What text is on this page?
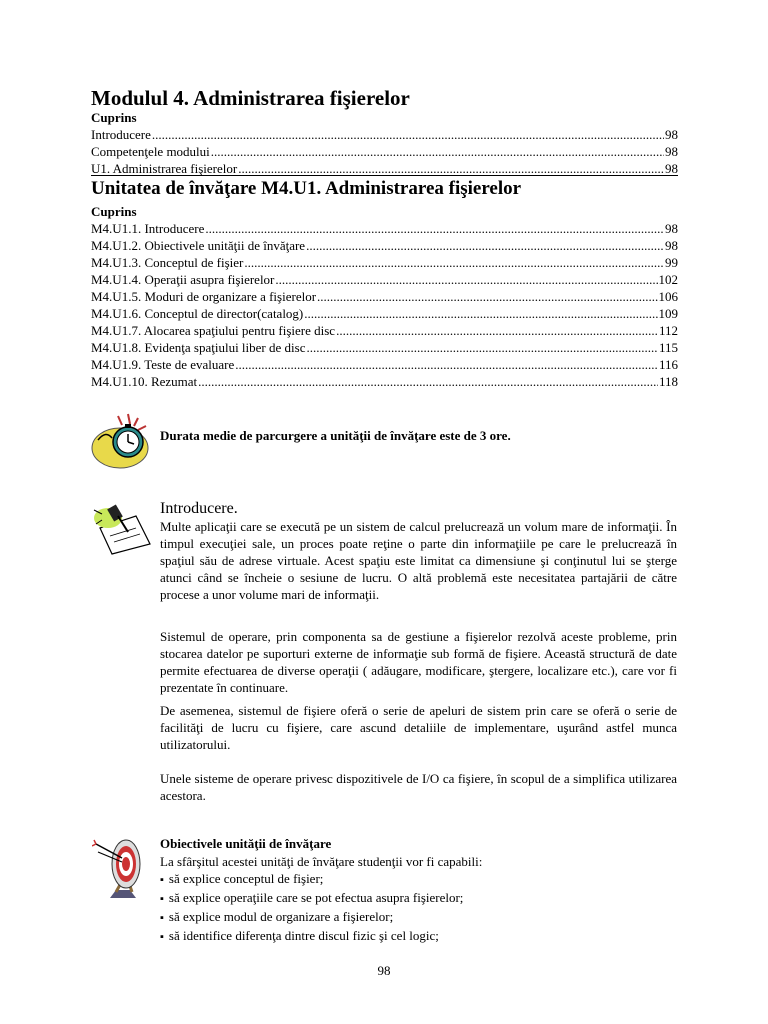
Modulul 4. Administrarea fişierelor
Cuprins
Introducere .....	98
Competenţele modului .....	98
U1. Administrarea fişierelor .....	98
Unitatea de învăţare M4.U1. Administrarea fişierelor
Cuprins
M4.U1.1. Introducere .....	98
M4.U1.2. Obiectivele unităţii de învăţare .....	98
M4.U1.3. Conceptul de fişier .....	99
M4.U1.4. Operaţii asupra fişierelor .....	102
M4.U1.5. Moduri de organizare a fişierelor .....	106
M4.U1.6. Conceptul de director(catalog) .....	109
M4.U1.7. Alocarea spaţiului pentru fişiere disc .....	112
M4.U1.8. Evidenţa spaţiului liber de disc .....	115
M4.U1.9. Teste de evaluare .....	116
M4.U1.10. Rezumat .....	118
Durata medie de parcurgere a unităţii de învăţare este de 3 ore.
Introducere.
Multe aplicaţii care se execută pe un sistem de calcul prelucrează un volum mare de informaţii. În timpul execuţiei sale, un proces poate reţine o parte din informaţiile pe care le prelucrează în spaţiul său de adrese virtuale. Acest spaţiu este limitat ca dimensiune şi conţinutul lui se şterge atunci când se încheie o sesiune de lucru. O altă problemă este necesitatea partajării de către procese a unor volume mari de informaţii.
Sistemul de operare, prin componenta sa de gestiune a fişierelor rezolvă aceste probleme, prin stocarea datelor pe suporturi externe de informaţie sub formă de fişiere. Această structură de date permite efectuarea de diverse operaţii ( adăugare, modificare, ştergere, localizare etc.), care vor fi prezentate în continuare.
De asemenea, sistemul de fişiere oferă o serie de apeluri de sistem prin care se oferă o serie de facilităţi de lucru cu fişiere, care ascund detaliile de implementare, uşurând astfel munca utilizatorului.
Unele sisteme de operare privesc dispozitivele de I/O ca fişiere, în scopul de a simplifica utilizarea acestora.
Obiectivele unităţii de învăţare
La sfârşitul acestei unităţi de învăţare studenţii vor fi capabili:
▪ să explice conceptul de fişier;
▪ să explice operaţiile care se pot efectua asupra fişierelor;
▪ să explice modul de organizare a fişierelor;
▪ să identifice diferenţa dintre discul fizic şi cel logic;
98
